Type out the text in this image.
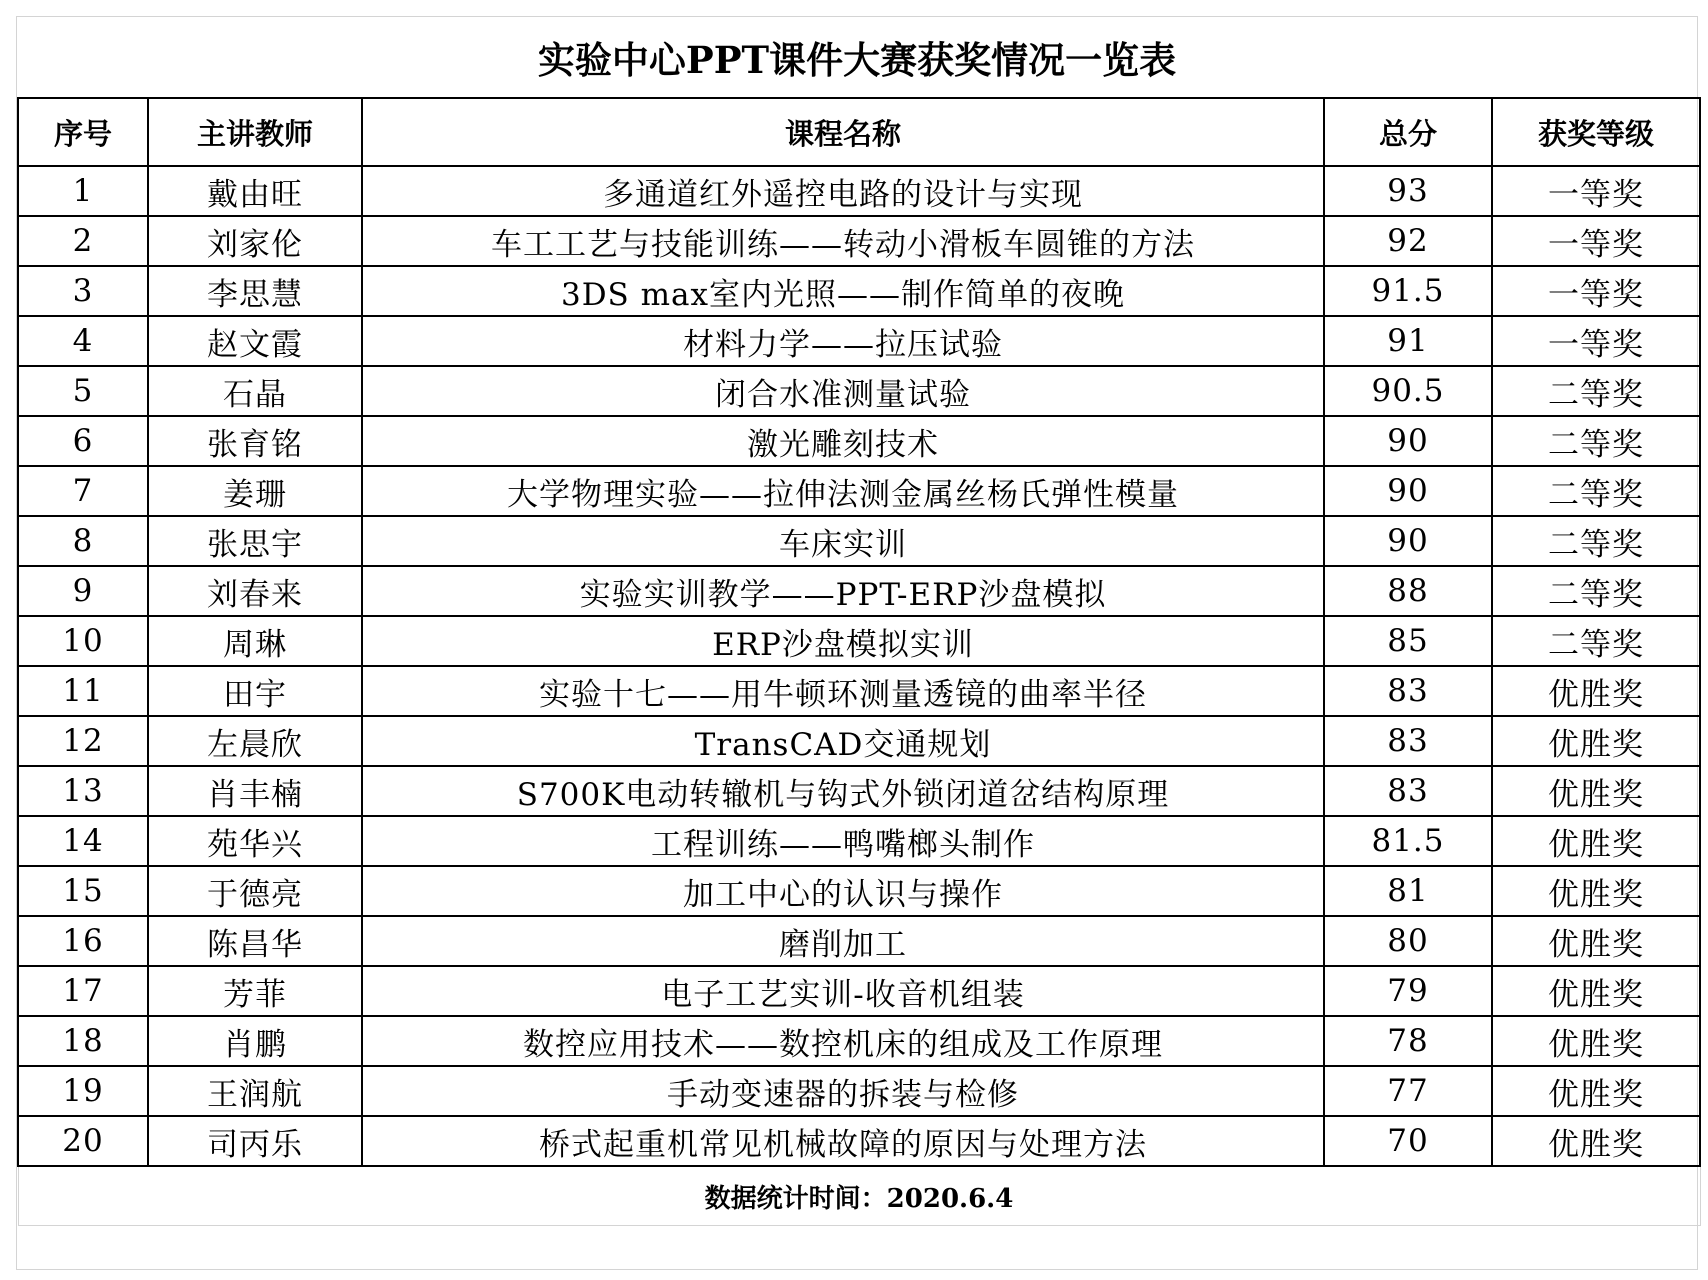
实验中心PPT课件大赛获奖情况一览表
序号	主讲教师	课程名称	总分	获奖等级
1	戴由旺	多通道红外遥控电路的设计与实现	93	一等奖
2	刘家伦	车工工艺与技能训练——转动小滑板车圆锥的方法	92	一等奖
3	李思慧	3DS max室内光照——制作简单的夜晚	91.5	一等奖
4	赵文霞	材料力学——拉压试验	91	一等奖
5	石晶	闭合水准测量试验	90.5	二等奖
6	张育铭	激光雕刻技术	90	二等奖
7	姜珊	大学物理实验——拉伸法测金属丝杨氏弹性模量	90	二等奖
8	张思宇	车床实训	90	二等奖
9	刘春来	实验实训教学——PPT-ERP沙盘模拟	88	二等奖
10	周琳	ERP沙盘模拟实训	85	二等奖
11	田宇	实验十七——用牛顿环测量透镜的曲率半径	83	优胜奖
12	左晨欣	TransCAD交通规划	83	优胜奖
13	肖丰楠	S700K电动转辙机与钩式外锁闭道岔结构原理	83	优胜奖
14	苑华兴	工程训练——鸭嘴榔头制作	81.5	优胜奖
15	于德亮	加工中心的认识与操作	81	优胜奖
16	陈昌华	磨削加工	80	优胜奖
17	芳菲	电子工艺实训-收音机组装	79	优胜奖
18	肖鹏	数控应用技术——数控机床的组成及工作原理	78	优胜奖
19	王润航	手动变速器的拆装与检修	77	优胜奖
20	司丙乐	桥式起重机常见机械故障的原因与处理方法	70	优胜奖
数据统计时间：2020.6.4				
